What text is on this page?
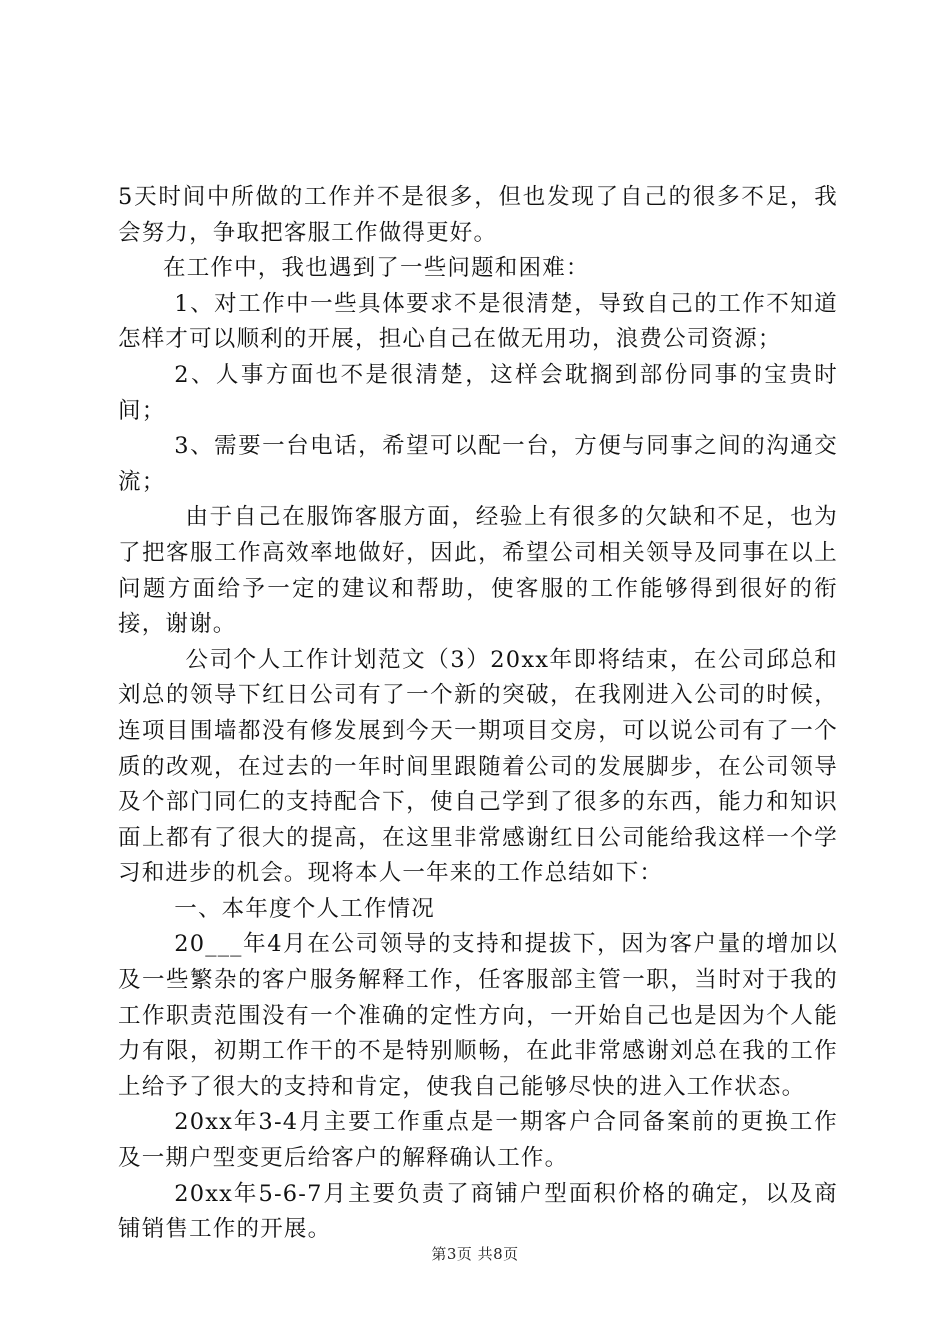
5天时间中所做的工作并不是很多，但也发现了自己的很多不足，我会努力，争取把客服工作做得更好。

在工作中，我也遇到了一些问题和困难：

1、对工作中一些具体要求不是很清楚，导致自己的工作不知道怎样才可以顺利的开展，担心自己在做无用功，浪费公司资源；

2、人事方面也不是很清楚，这样会耽搁到部份同事的宝贵时间；

3、需要一台电话，希望可以配一台，方便与同事之间的沟通交流；

由于自己在服饰客服方面，经验上有很多的欠缺和不足，也为了把客服工作高效率地做好，因此，希望公司相关领导及同事在以上问题方面给予一定的建议和帮助，使客服的工作能够得到很好的衔接，谢谢。

公司个人工作计划范文（3）20xx年即将结束，在公司邱总和刘总的领导下红日公司有了一个新的突破，在我刚进入公司的时候，连项目围墙都没有修发展到今天一期项目交房，可以说公司有了一个质的改观，在过去的一年时间里跟随着公司的发展脚步，在公司领导及个部门同仁的支持配合下，使自己学到了很多的东西，能力和知识面上都有了很大的提高，在这里非常感谢红日公司能给我这样一个学习和进步的机会。现将本人一年来的工作总结如下：

一、本年度个人工作情况

20___年4月在公司领导的支持和提拔下，因为客户量的增加以及一些繁杂的客户服务解释工作，任客服部主管一职，当时对于我的工作职责范围没有一个准确的定性方向，一开始自己也是因为个人能力有限，初期工作干的不是特别顺畅，在此非常感谢刘总在我的工作上给予了很大的支持和肯定，使我自己能够尽快的进入工作状态。

20xx年3-4月主要工作重点是一期客户合同备案前的更换工作及一期户型变更后给客户的解释确认工作。

20xx年5-6-7月主要负责了商铺户型面积价格的确定，以及商铺销售工作的开展。

第3页 共8页
